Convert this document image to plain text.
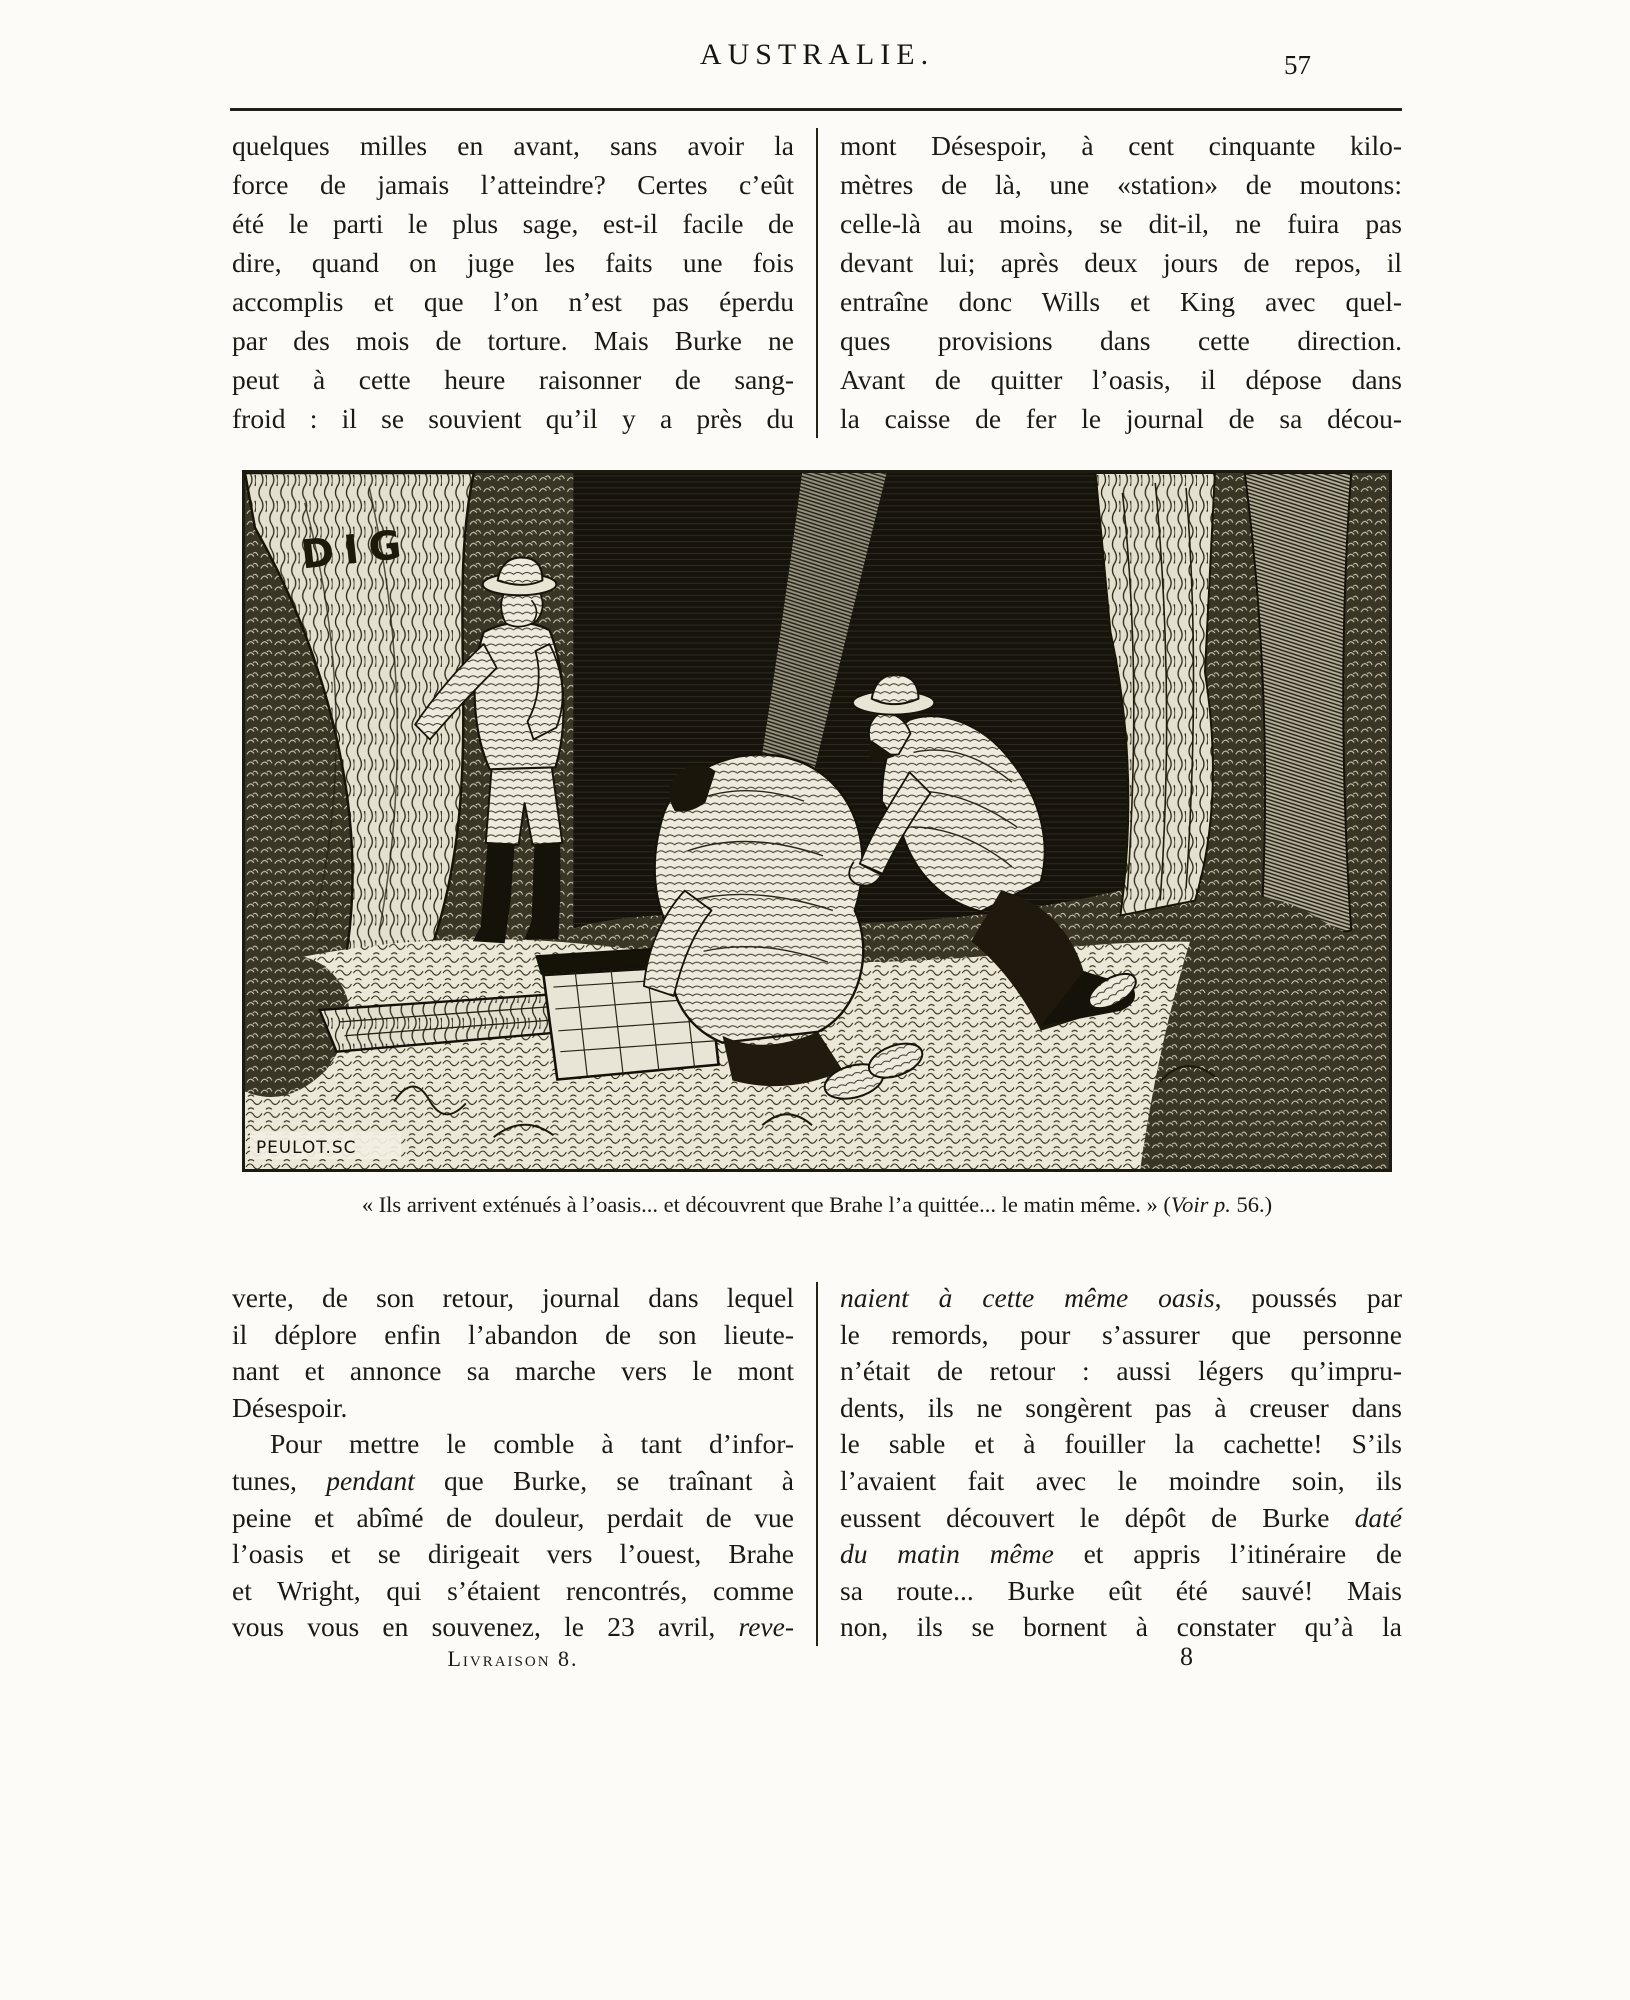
AUSTRALIE.	57
quelques milles en avant, sans avoir la
force de jamais l’atteindre? Certes c’eût
été le parti le plus sage, est-il facile de
dire, quand on juge les faits une fois
accomplis et que l’on n’est pas éperdu
par des mois de torture. Mais Burke ne
peut à cette heure raisonner de sang-
froid : il se souvient qu’il y a près du
mont Désespoir, à cent cinquante kilo-
mètres de là, une «station» de moutons:
celle-là au moins, se dit-il, ne fuira pas
devant lui; après deux jours de repos, il
entraîne donc Wills et King avec quel-
ques provisions dans cette direction.
Avant de quitter l’oasis, il dépose dans
la caisse de fer le journal de sa décou-
DIG
PEULOT.SC
« Ils arrivent exténués à l’oasis... et découvrent que Brahe l’a quittée... le matin même. » (Voir p. 56.)
verte, de son retour, journal dans lequel
il déplore enfin l’abandon de son lieute-
nant et annonce sa marche vers le mont
Désespoir.
Pour mettre le comble à tant d’infor-
tunes, pendant que Burke, se traînant à
peine et abîmé de douleur, perdait de vue
l’oasis et se dirigeait vers l’ouest, Brahe
et Wright, qui s’étaient rencontrés, comme
vous vous en souvenez, le 23 avril, reve-
naient à cette même oasis, poussés par
le remords, pour s’assurer que personne
n’était de retour : aussi légers qu’impru-
dents, ils ne songèrent pas à creuser dans
le sable et à fouiller la cachette! S’ils
l’avaient fait avec le moindre soin, ils
eussent découvert le dépôt de Burke daté
du matin même et appris l’itinéraire de
sa route... Burke eût été sauvé! Mais
non, ils se bornent à constater qu’à la
Livraison 8.	8
